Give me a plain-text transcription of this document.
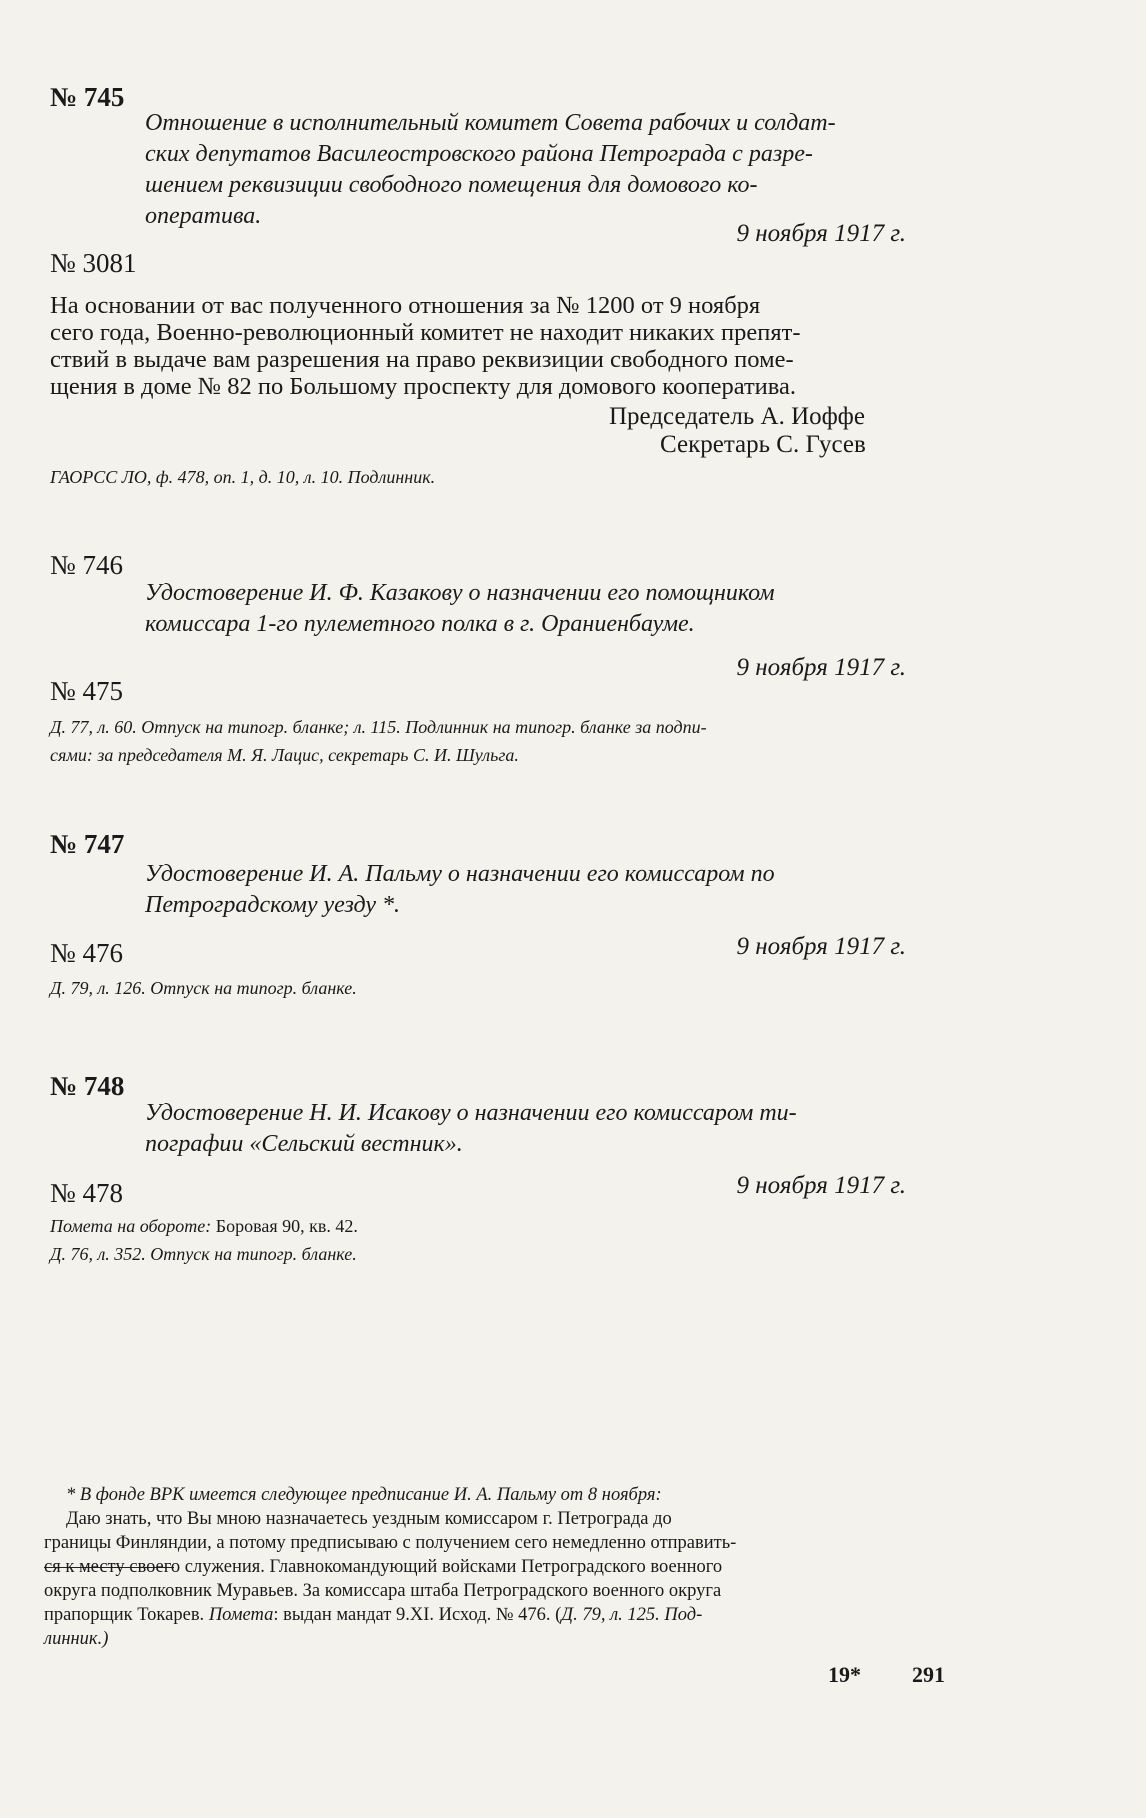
№ 745
Отношение в исполнительный комитет Совета рабочих и солдат-
ских депутатов Василеостровского района Петрограда с разре-
шением реквизиции свободного помещения для домового ко-
оператива.
9 ноября 1917 г.
№ 3081
На основании от вас полученного отношения за № 1200 от 9 ноября
сего года, Военно-революционный комитет не находит никаких препят-
ствий в выдаче вам разрешения на право реквизиции свободного поме-
щения в доме № 82 по Большому проспекту для домового кооператива.
Председатель А. Иоффе
Секретарь С. Гусев
ГАОРСС ЛО, ф. 478, оп. 1, д. 10, л. 10. Подлинник.
№ 746
Удостоверение И. Ф. Казакову о назначении его помощником
комиссара 1-го пулеметного полка в г. Ораниенбауме.
9 ноября 1917 г.
№ 475
Д. 77, л. 60. Отпуск на типогр. бланке; л. 115. Подлинник на типогр. бланке за подпи-
сями: за председателя М. Я. Лацис, секретарь С. И. Шульга.
№ 747
Удостоверение И. А. Пальму о назначении его комиссаром по
Петроградскому уезду *.
9 ноября 1917 г.
№ 476
Д. 79, л. 126. Отпуск на типогр. бланке.
№ 748
Удостоверение Н. И. Исакову о назначении его комиссаром ти-
пографии «Сельский вестник».
9 ноября 1917 г.
№ 478
Помета на обороте: Боровая 90, кв. 42.
Д. 76, л. 352. Отпуск на типогр. бланке.
* В фонде ВРК имеется следующее предписание И. А. Пальму от 8 ноября:
Даю знать, что Вы мною назначаетесь уездным комиссаром г. Петрограда до
границы Финляндии, а потому предписываю с получением сего немедленно отправить-
ся к месту своего служения. Главнокомандующий войсками Петроградского военного
округа подполковник Муравьев. За комиссара штаба Петроградского военного округа
прапорщик Токарев. Помета: выдан мандат 9.XI. Исход. № 476. (Д. 79, л. 125. Под-
линник.)
19* 291
